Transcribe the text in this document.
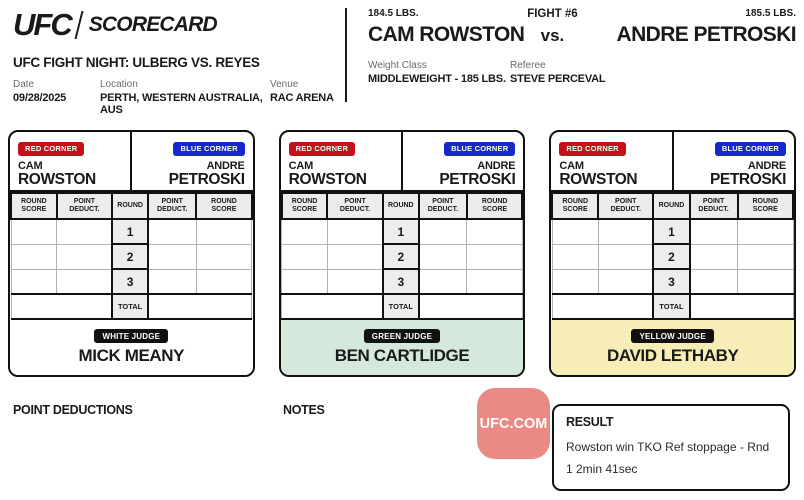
UFC SCORECARD
UFC FIGHT NIGHT: ULBERG VS. REYES
Date
09/28/2025
Location
PERTH, WESTERN AUSTRALIA, AUS
Venue
RAC ARENA
184.5 LBS.
CAM ROWSTON
FIGHT #6
vs.
185.5 LBS.
ANDRE PETROSKI
Weight Class
MIDDLEWEIGHT - 185 LBS.
Referee
STEVE PERCEVAL
RED CORNER
CAM
ROWSTON
BLUE CORNER
ANDRE
PETROSKI
ROUND SCORE	POINT DEDUCT.	ROUND	POINT DEDUCT.	ROUND SCORE
		1		
		2		
		3		
		TOTAL		
WHITE JUDGE
MICK MEANY
RED CORNER
CAM
ROWSTON
BLUE CORNER
ANDRE
PETROSKI
ROUND SCORE	POINT DEDUCT.	ROUND	POINT DEDUCT.	ROUND SCORE
		1		
		2		
		3		
		TOTAL		
GREEN JUDGE
BEN CARTLIDGE
RED CORNER
CAM
ROWSTON
BLUE CORNER
ANDRE
PETROSKI
ROUND SCORE	POINT DEDUCT.	ROUND	POINT DEDUCT.	ROUND SCORE
		1		
		2		
		3		
		TOTAL		
YELLOW JUDGE
DAVID LETHABY
POINT DEDUCTIONS	NOTES
UFC.COM RESULT
Rowston win TKO Ref stoppage - Rnd 1 2min 41sec
